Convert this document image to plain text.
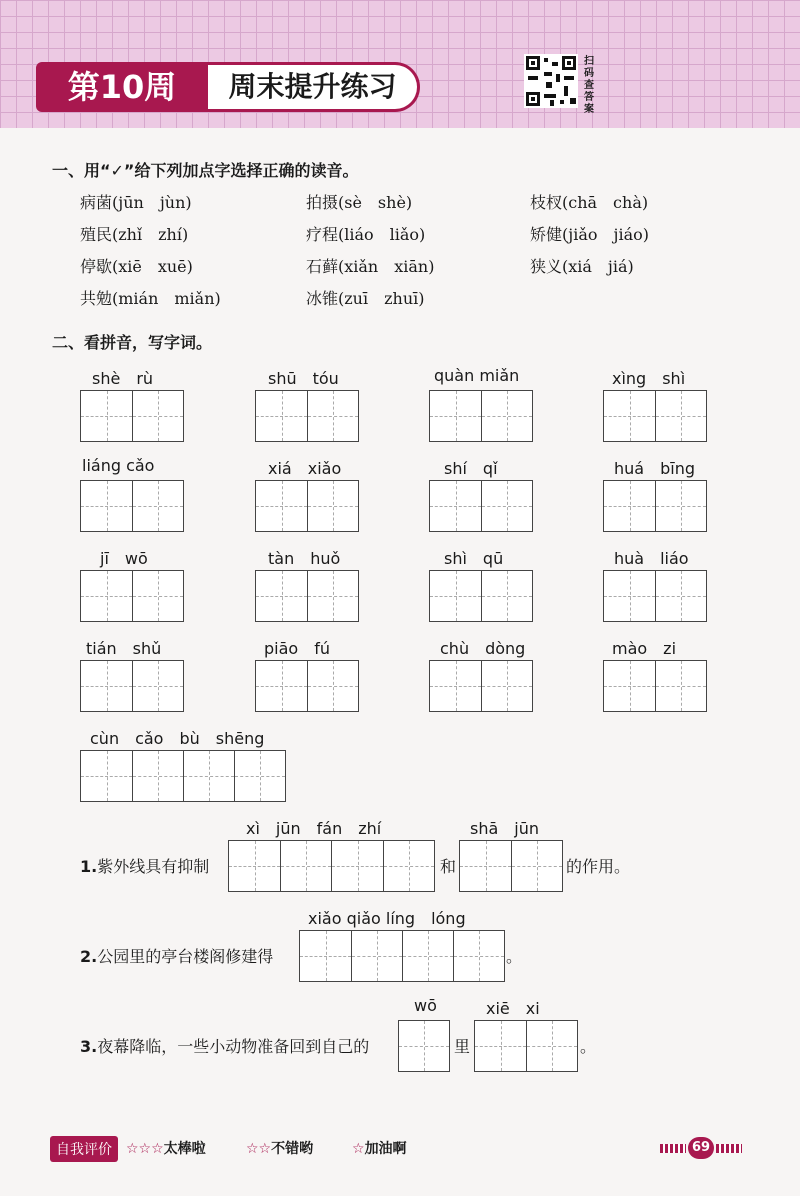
第10周	周末提升练习
扫码查答案
一、用“✓”给下列加点字选择正确的读音。
病菌(jūn　jùn)	拍摄(sè　shè)	枝杈(chā　chà)
殖民(zhǐ　zhí)	疗程(liáo　liǎo)	矫健(jiǎo　jiáo)
停歇(xiē　xuē)	石藓(xiǎn　xiān)	狭义(xiá　jiá)
共勉(mián　miǎn)	冰锥(zuī　zhuī)
二、看拼音，写字词。
shè　rù	shū　tóu	quàn miǎn	xìng　shì
liáng cǎo	xiá　xiǎo	shí　qǐ	huá　bīng
jī　wō	tàn　huǒ	shì　qū	huà　liáo
tián　shǔ	piāo　fú	chù　dòng	mào　zi
cùn　cǎo　bù　shēng
xì　jūn　fán　zhí	shā　jūn
1.紫外线具有抑制	和	的作用。
xiǎo qiǎo líng　lóng
2.公园里的亭台楼阁修建得	。
wō	xiē　xi
3.夜幕降临，一些小动物准备回到自己的	里	。
自我评价	☆☆☆太棒啦	☆☆不错哟	☆加油啊	69
